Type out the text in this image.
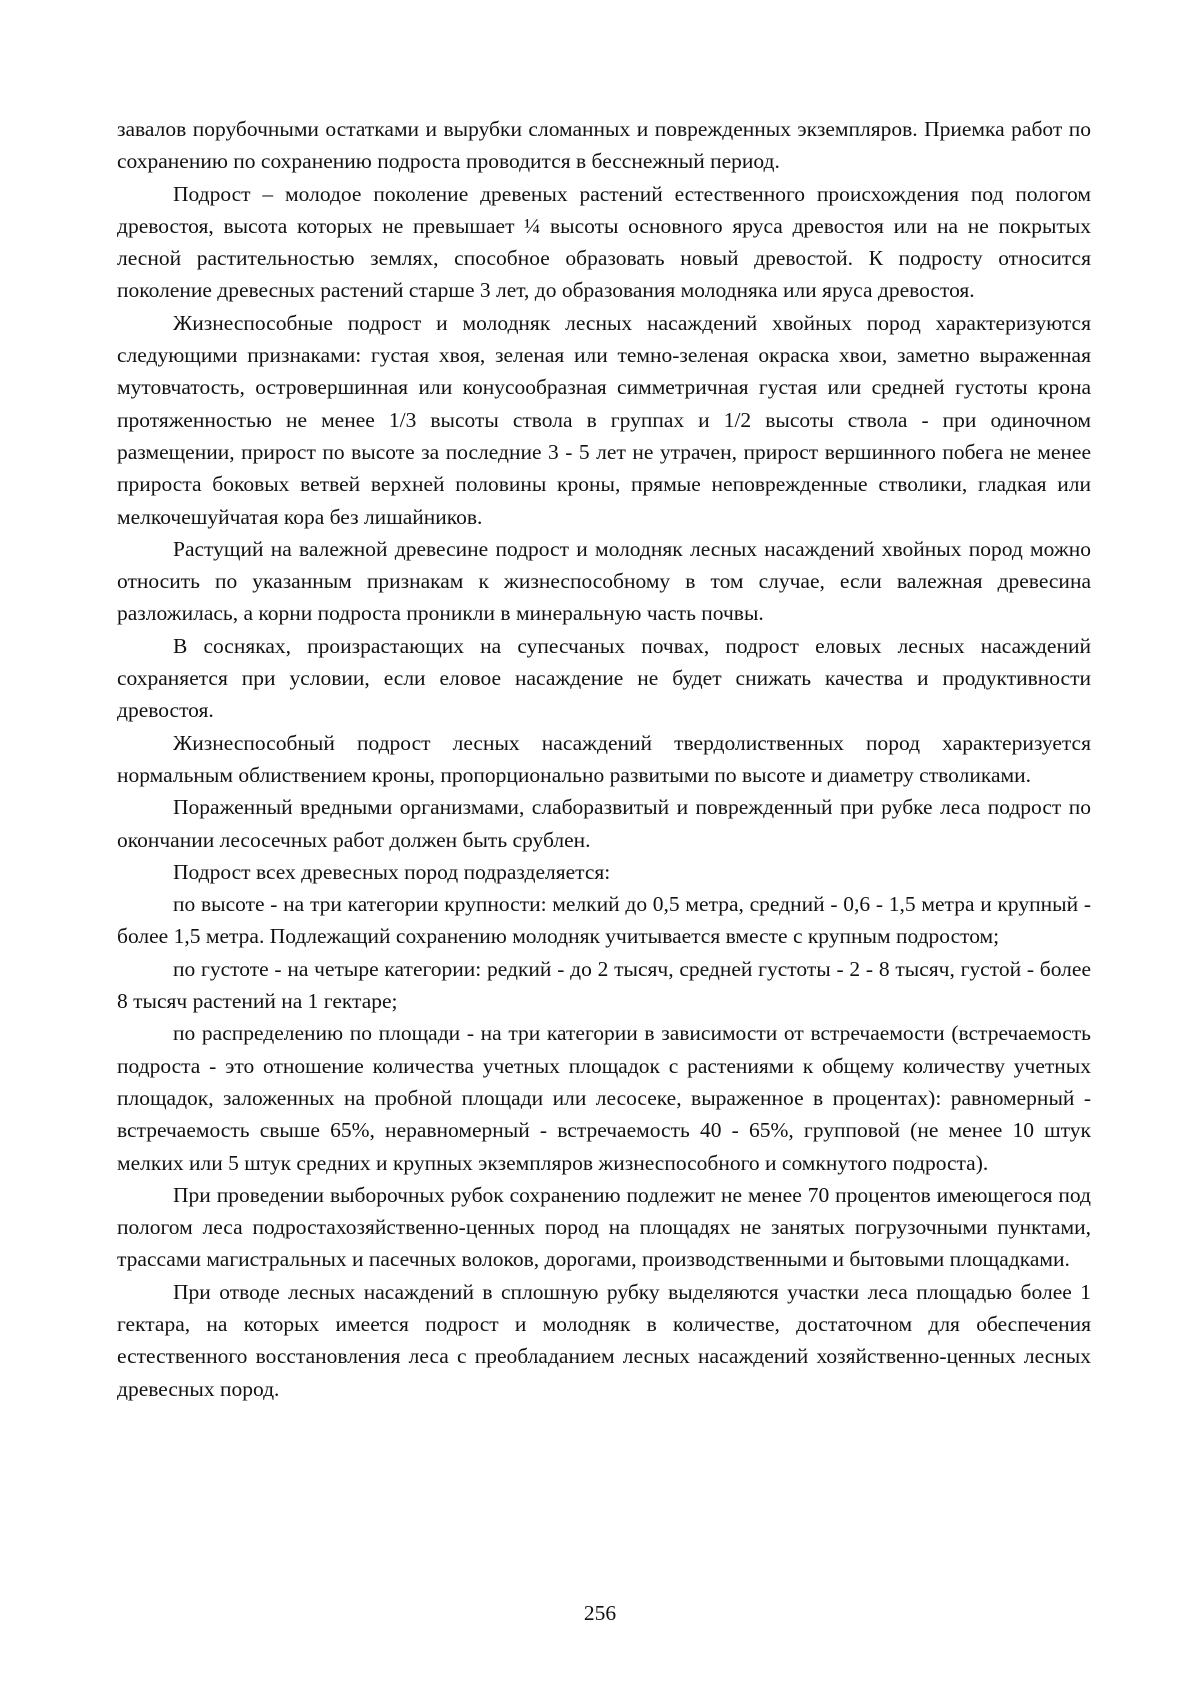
завалов порубочными остатками и вырубки сломанных и поврежденных экземпляров. Приемка работ по сохранению по сохранению подроста проводится в бесснежный период.

Подрост – молодое поколение древеных растений естественного происхождения под пологом древостоя, высота которых не превышает ¼ высоты основного яруса древостоя или на не покрытых лесной растительностью землях, способное образовать новый древостой. К подросту относится поколение древесных растений старше 3 лет, до образования молодняка или яруса древостоя.

Жизнеспособные подрост и молодняк лесных насаждений хвойных пород характеризуются следующими признаками: густая хвоя, зеленая или темно-зеленая окраска хвои, заметно выраженная мутовчатость, островершинная или конусообразная симметричная густая или средней густоты крона протяженностью не менее 1/3 высоты ствола в группах и 1/2 высоты ствола - при одиночном размещении, прирост по высоте за последние 3 - 5 лет не утрачен, прирост вершинного побега не менее прироста боковых ветвей верхней половины кроны, прямые неповрежденные стволики, гладкая или мелкочешуйчатая кора без лишайников.

Растущий на валежной древесине подрост и молодняк лесных насаждений хвойных пород можно относить по указанным признакам к жизнеспособному в том случае, если валежная древесина разложилась, а корни подроста проникли в минеральную часть почвы.

В сосняках, произрастающих на супесчаных почвах, подрост еловых лесных насаждений сохраняется при условии, если еловое насаждение не будет снижать качества и продуктивности древостоя.

Жизнеспособный подрост лесных насаждений твердолиственных пород характеризуется нормальным облиствением кроны, пропорционально развитыми по высоте и диаметру стволиками.

Пораженный вредными организмами, слаборазвитый и поврежденный при рубке леса подрост по окончании лесосечных работ должен быть срублен.

Подрост всех древесных пород подразделяется:

по высоте - на три категории крупности: мелкий до 0,5 метра, средний - 0,6 - 1,5 метра и крупный - более 1,5 метра. Подлежащий сохранению молодняк учитывается вместе с крупным подростом;

по густоте - на четыре категории: редкий - до 2 тысяч, средней густоты - 2 - 8 тысяч, густой - более 8 тысяч растений на 1 гектаре;

по распределению по площади - на три категории в зависимости от встречаемости (встречаемость подроста - это отношение количества учетных площадок с растениями к общему количеству учетных площадок, заложенных на пробной площади или лесосеке, выраженное в процентах): равномерный - встречаемость свыше 65%, неравномерный - встречаемость 40 - 65%, групповой (не менее 10 штук мелких или 5 штук средних и крупных экземпляров жизнеспособного и сомкнутого подроста).

При проведении выборочных рубок сохранению подлежит не менее 70 процентов имеющегося под пологом леса подростахозяйственно-ценных пород на площадях не занятых погрузочными пунктами, трассами магистральных и пасечных волоков, дорогами, производственными и бытовыми площадками.

При отводе лесных насаждений в сплошную рубку выделяются участки леса площадью более 1 гектара, на которых имеется подрост и молодняк в количестве, достаточном для обеспечения естественного восстановления леса с преобладанием лесных насаждений хозяйственно-ценных лесных древесных пород.

256
